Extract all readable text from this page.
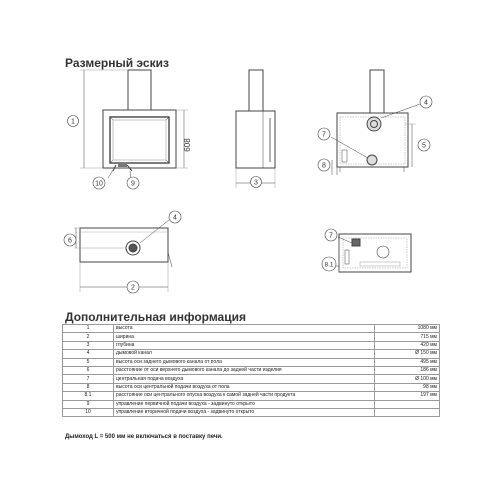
Размерный эскиз
1
608
10	9	3
4
5
7
8
4
6
2
7
8.1
Дополнительная информация
1	высота	1080 мм
2	ширина	715 мм
3	глубина	420 мм
4	дымовой канал	Ø 150 мм
5	высота оси заднего дымового канала от пола	495 мм
6	расстояние от оси верхнего дымового канала до задней части изделия	186 мм
7	центральная подача воздуха	Ø 100 мм
8	высота оси центральной подачи воздуха от пола	98 мм
8.1	расстояние оси центрального опуска воздуха к самой задней части продукта	197 мм
9	управление первичной подачи воздуха - задвинуто открыто	
10	управление вторичной подачи воздуха - задвинуто открыто	
Дымоход L = 500 мм не включаться в поставку печи.
